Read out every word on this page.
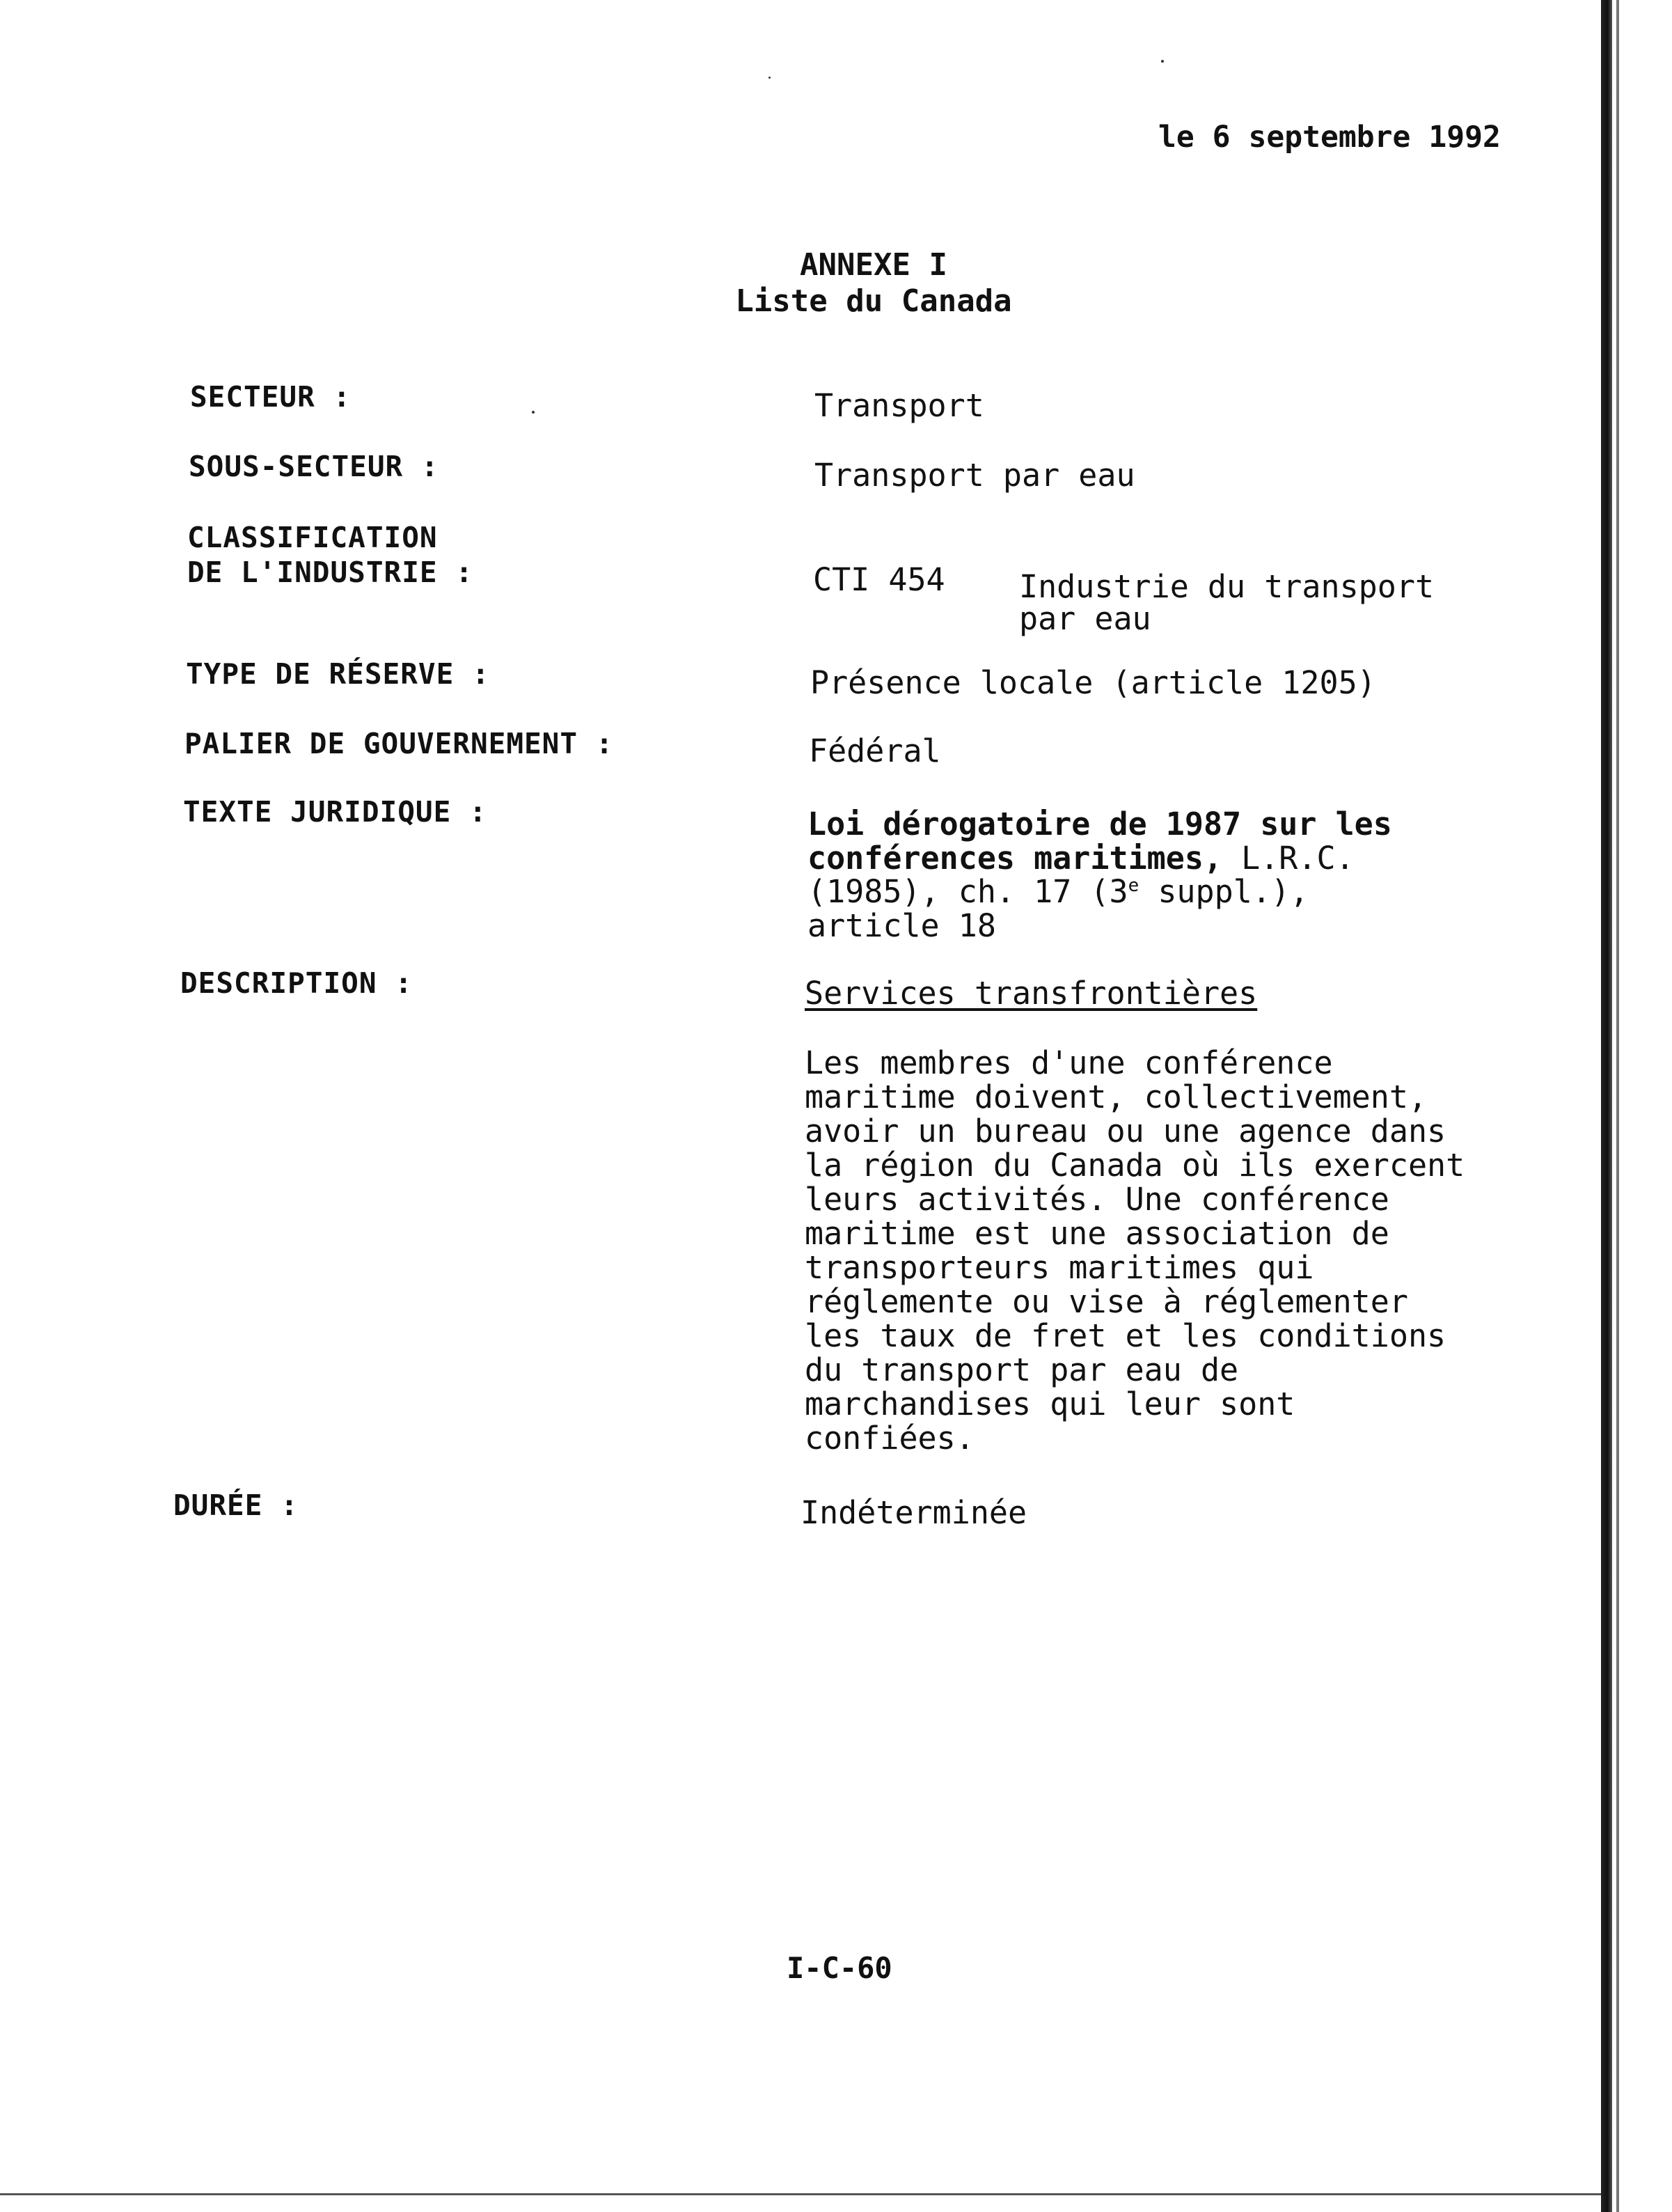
le 6 septembre 1992
ANNEXE I
Liste du Canada
SECTEUR :	Transport
SOUS-SECTEUR :	Transport par eau
CLASSIFICATION
DE L'INDUSTRIE :	CTI 454 Industrie du transport
par eau
TYPE DE RÉSERVE :	Présence locale (article 1205)
PALIER DE GOUVERNEMENT :	Fédéral
TEXTE JURIDIQUE :	Loi dérogatoire de 1987 sur les
conférences maritimes, L.R.C.
(1985), ch. 17 (3e suppl.),
article 18
DESCRIPTION :	Services transfrontières
Les membres d'une conférence
maritime doivent, collectivement,
avoir un bureau ou une agence dans
la région du Canada où ils exercent
leurs activités. Une conférence
maritime est une association de
transporteurs maritimes qui
réglemente ou vise à réglementer
les taux de fret et les conditions
du transport par eau de
marchandises qui leur sont
confiées.
DURÉE :	Indéterminée
I-C-60
